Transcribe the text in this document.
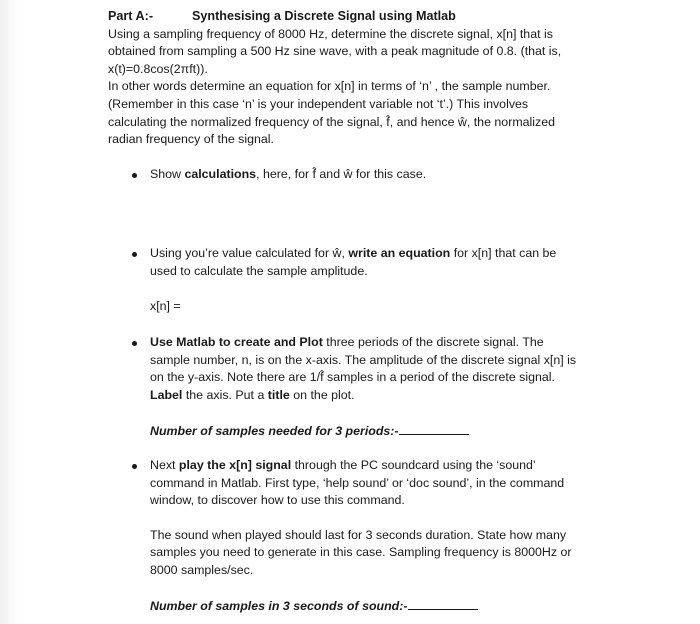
Part A:-	Synthesising a Discrete Signal using Matlab

Using a sampling frequency of 8000 Hz, determine the discrete signal, x[n] that is

obtained from sampling a 500 Hz sine wave, with a peak magnitude of 0.8. (that is,

x(t)=0.8cos(2πft)).

In other words determine an equation for x[n] in terms of ‘n’ , the sample number.

(Remember in this case ‘n’ is your independent variable not ‘t’.) This involves

calculating the normalized frequency of the signal, f̂, and hence ŵ, the normalized

radian frequency of the signal.

Show calculations, here, for f̂ and ŵ for this case.
Using you’re value calculated for ŵ, write an equation for x[n] that can be
used to calculate the sample amplitude.
x[n] =
Use Matlab to create and Plot three periods of the discrete signal. The
sample number, n, is on the x-axis. The amplitude of the discrete signal x[n] is
on the y-axis. Note there are 1/f̂ samples in a period of the discrete signal.
Label the axis. Put a title on the plot.
Number of samples needed for 3 periods:-
Next play the x[n] signal through the PC soundcard using the ‘sound’
command in Matlab. First type, ‘help sound’ or ‘doc sound’, in the command
window, to discover how to use this command.
The sound when played should last for 3 seconds duration. State how many
samples you need to generate in this case. Sampling frequency is 8000Hz or
8000 samples/sec.
Number of samples in 3 seconds of sound:-
